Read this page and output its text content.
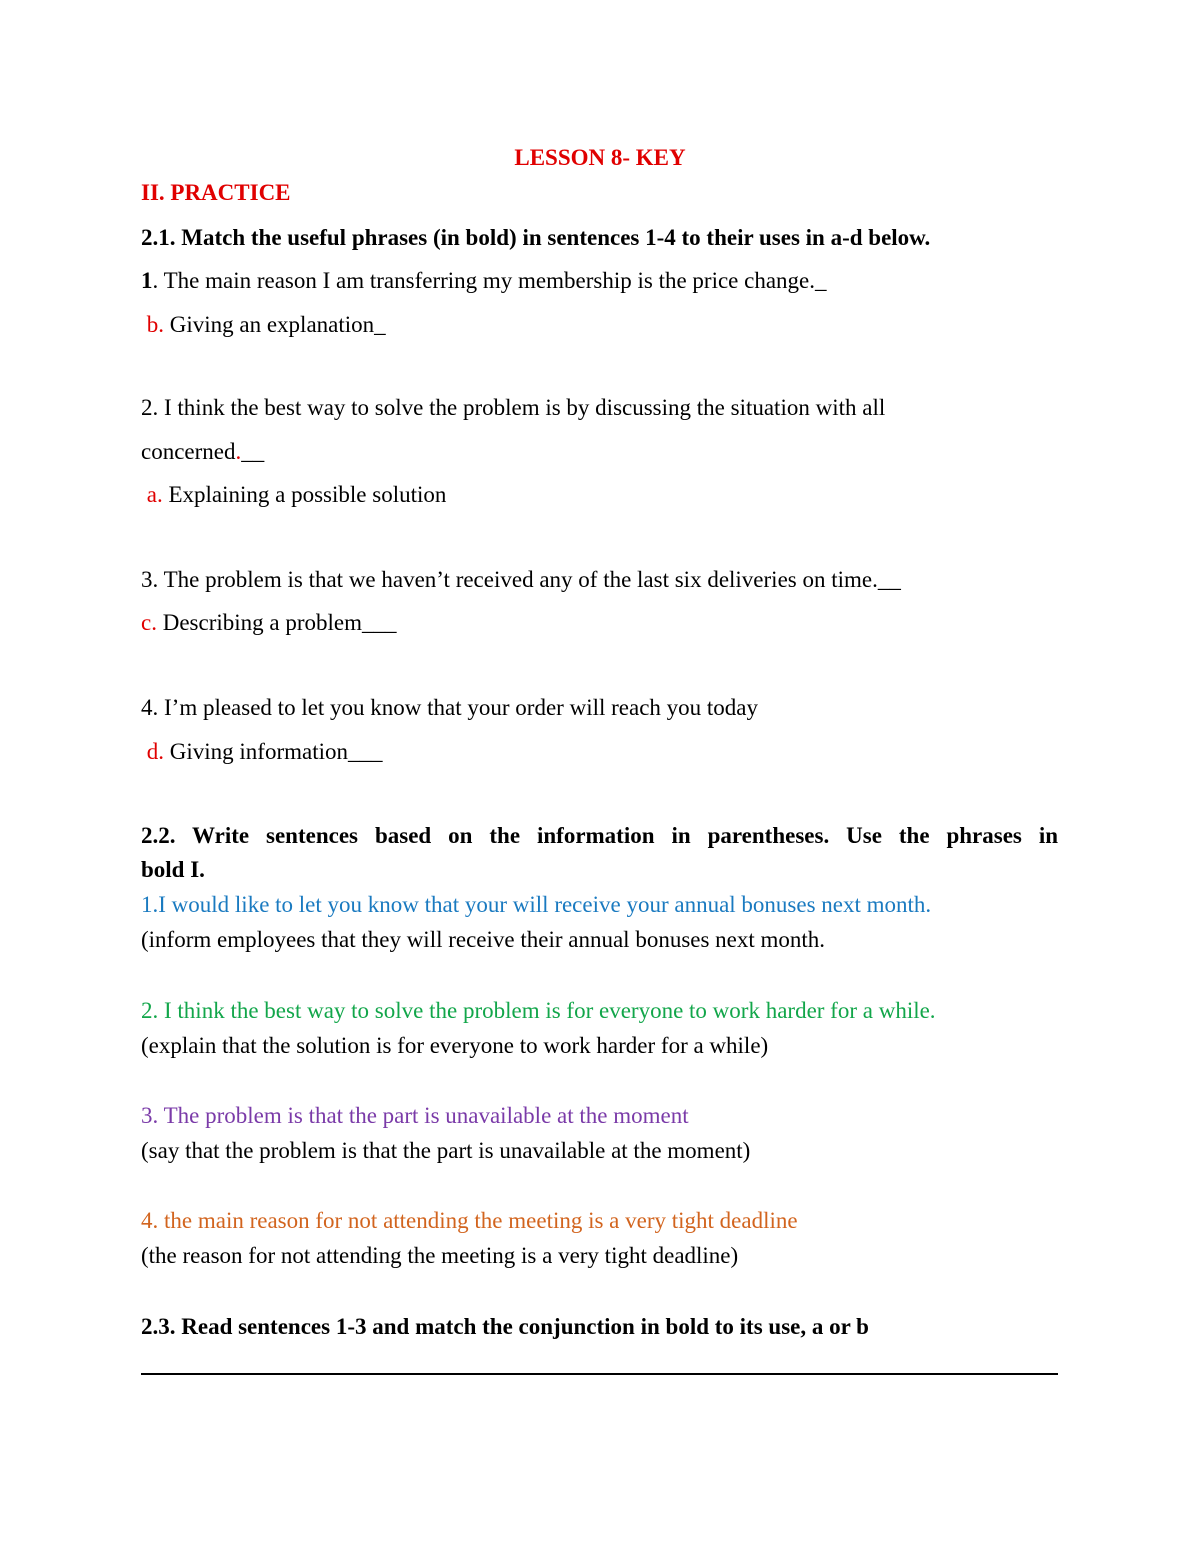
LESSON 8- KEY
II. PRACTICE
2.1. Match the useful phrases (in bold) in sentences 1-4 to their uses in a-d below.
1. The main reason I am transferring my membership is the price change._
b. Giving an explanation_
2. I think the best way to solve the problem is by discussing the situation with all
concerned.__
a. Explaining a possible solution
3. The problem is that we haven’t received any of the last six deliveries on time.__
c. Describing a problem___
4. I’m pleased to let you know that your order will reach you today
d. Giving information___
2.2. Write sentences based on the information in parentheses. Use the phrases in
bold I.
1.I would like to let you know that your will receive your annual bonuses next month.
(inform employees that they will receive their annual bonuses next month.
2. I think the best way to solve the problem is for everyone to work harder for a while.
(explain that the solution is for everyone to work harder for a while)
3. The problem is that the part is unavailable at the moment
(say that the problem is that the part is unavailable at the moment)
4. the main reason for not attending the meeting is a very tight deadline
(the reason for not attending the meeting is a very tight deadline)
2.3. Read sentences 1-3 and match the conjunction in bold to its use, a or b
